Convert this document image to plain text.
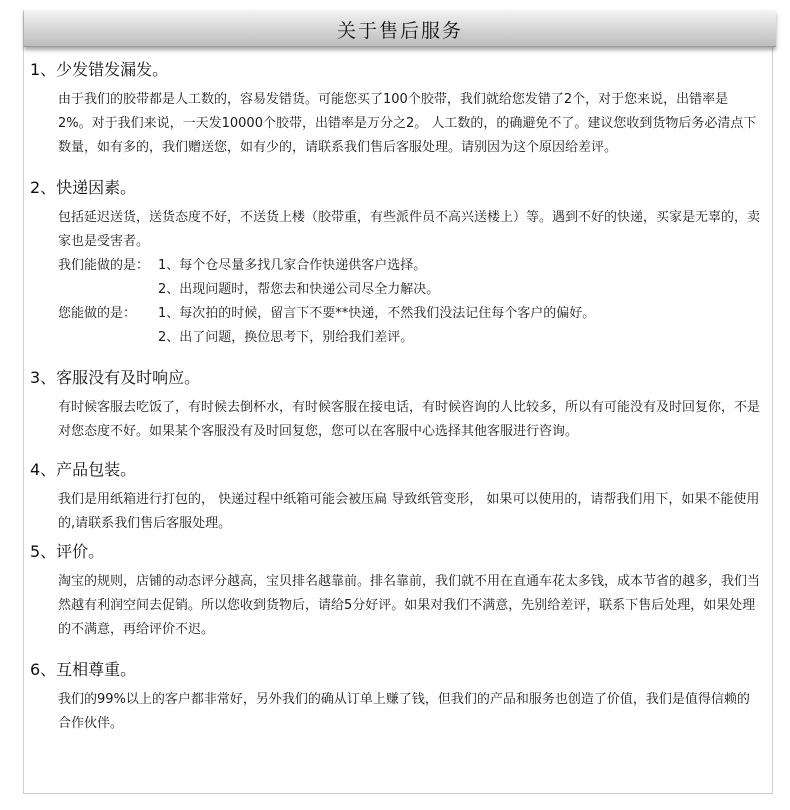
关于售后服务
1、少发错发漏发。

由于我们的胶带都是人工数的，容易发错货。可能您买了100个胶带，我们就给您发错了2个，对于您来说，出错率是2%。对于我们来说，一天发10000个胶带，出错率是万分之2。 人工数的，的确避免不了。建议您收到货物后务必清点下数量，如有多的，我们赠送您，如有少的，请联系我们售后客服处理。请别因为这个原因给差评。

2、快递因素。

包括延迟送货，送货态度不好，不送货上楼（胶带重，有些派件员不高兴送楼上）等。遇到不好的快递，买家是无辜的，卖家也是受害者。

我们能做的是： 1、每个仓尽量多找几家合作快递供客户选择。
2、出现问题时，帮您去和快递公司尽全力解决。
您能做的是：	1、每次拍的时候，留言下不要**快递，不然我们没法记住每个客户的偏好。
2、出了问题，换位思考下，别给我们差评。
3、客服没有及时响应。

有时候客服去吃饭了，有时候去倒杯水，有时候客服在接电话，有时候咨询的人比较多，所以有可能没有及时回复你，不是对您态度不好。如果某个客服没有及时回复您，您可以在客服中心选择其他客服进行咨询。

4、产品包装。

我们是用纸箱进行打包的， 快递过程中纸箱可能会被压扁 导致纸管变形， 如果可以使用的，请帮我们用下，如果不能使用的,请联系我们售后客服处理。

5、评价。

淘宝的规则，店铺的动态评分越高，宝贝排名越靠前。排名靠前，我们就不用在直通车花太多钱，成本节省的越多，我们当然越有利润空间去促销。所以您收到货物后，请给5分好评。如果对我们不满意，先别给差评，联系下售后处理，如果处理的不满意，再给评价不迟。

6、互相尊重。

我们的99%以上的客户都非常好，另外我们的确从订单上赚了钱，但我们的产品和服务也创造了价值，我们是值得信赖的合作伙伴。
